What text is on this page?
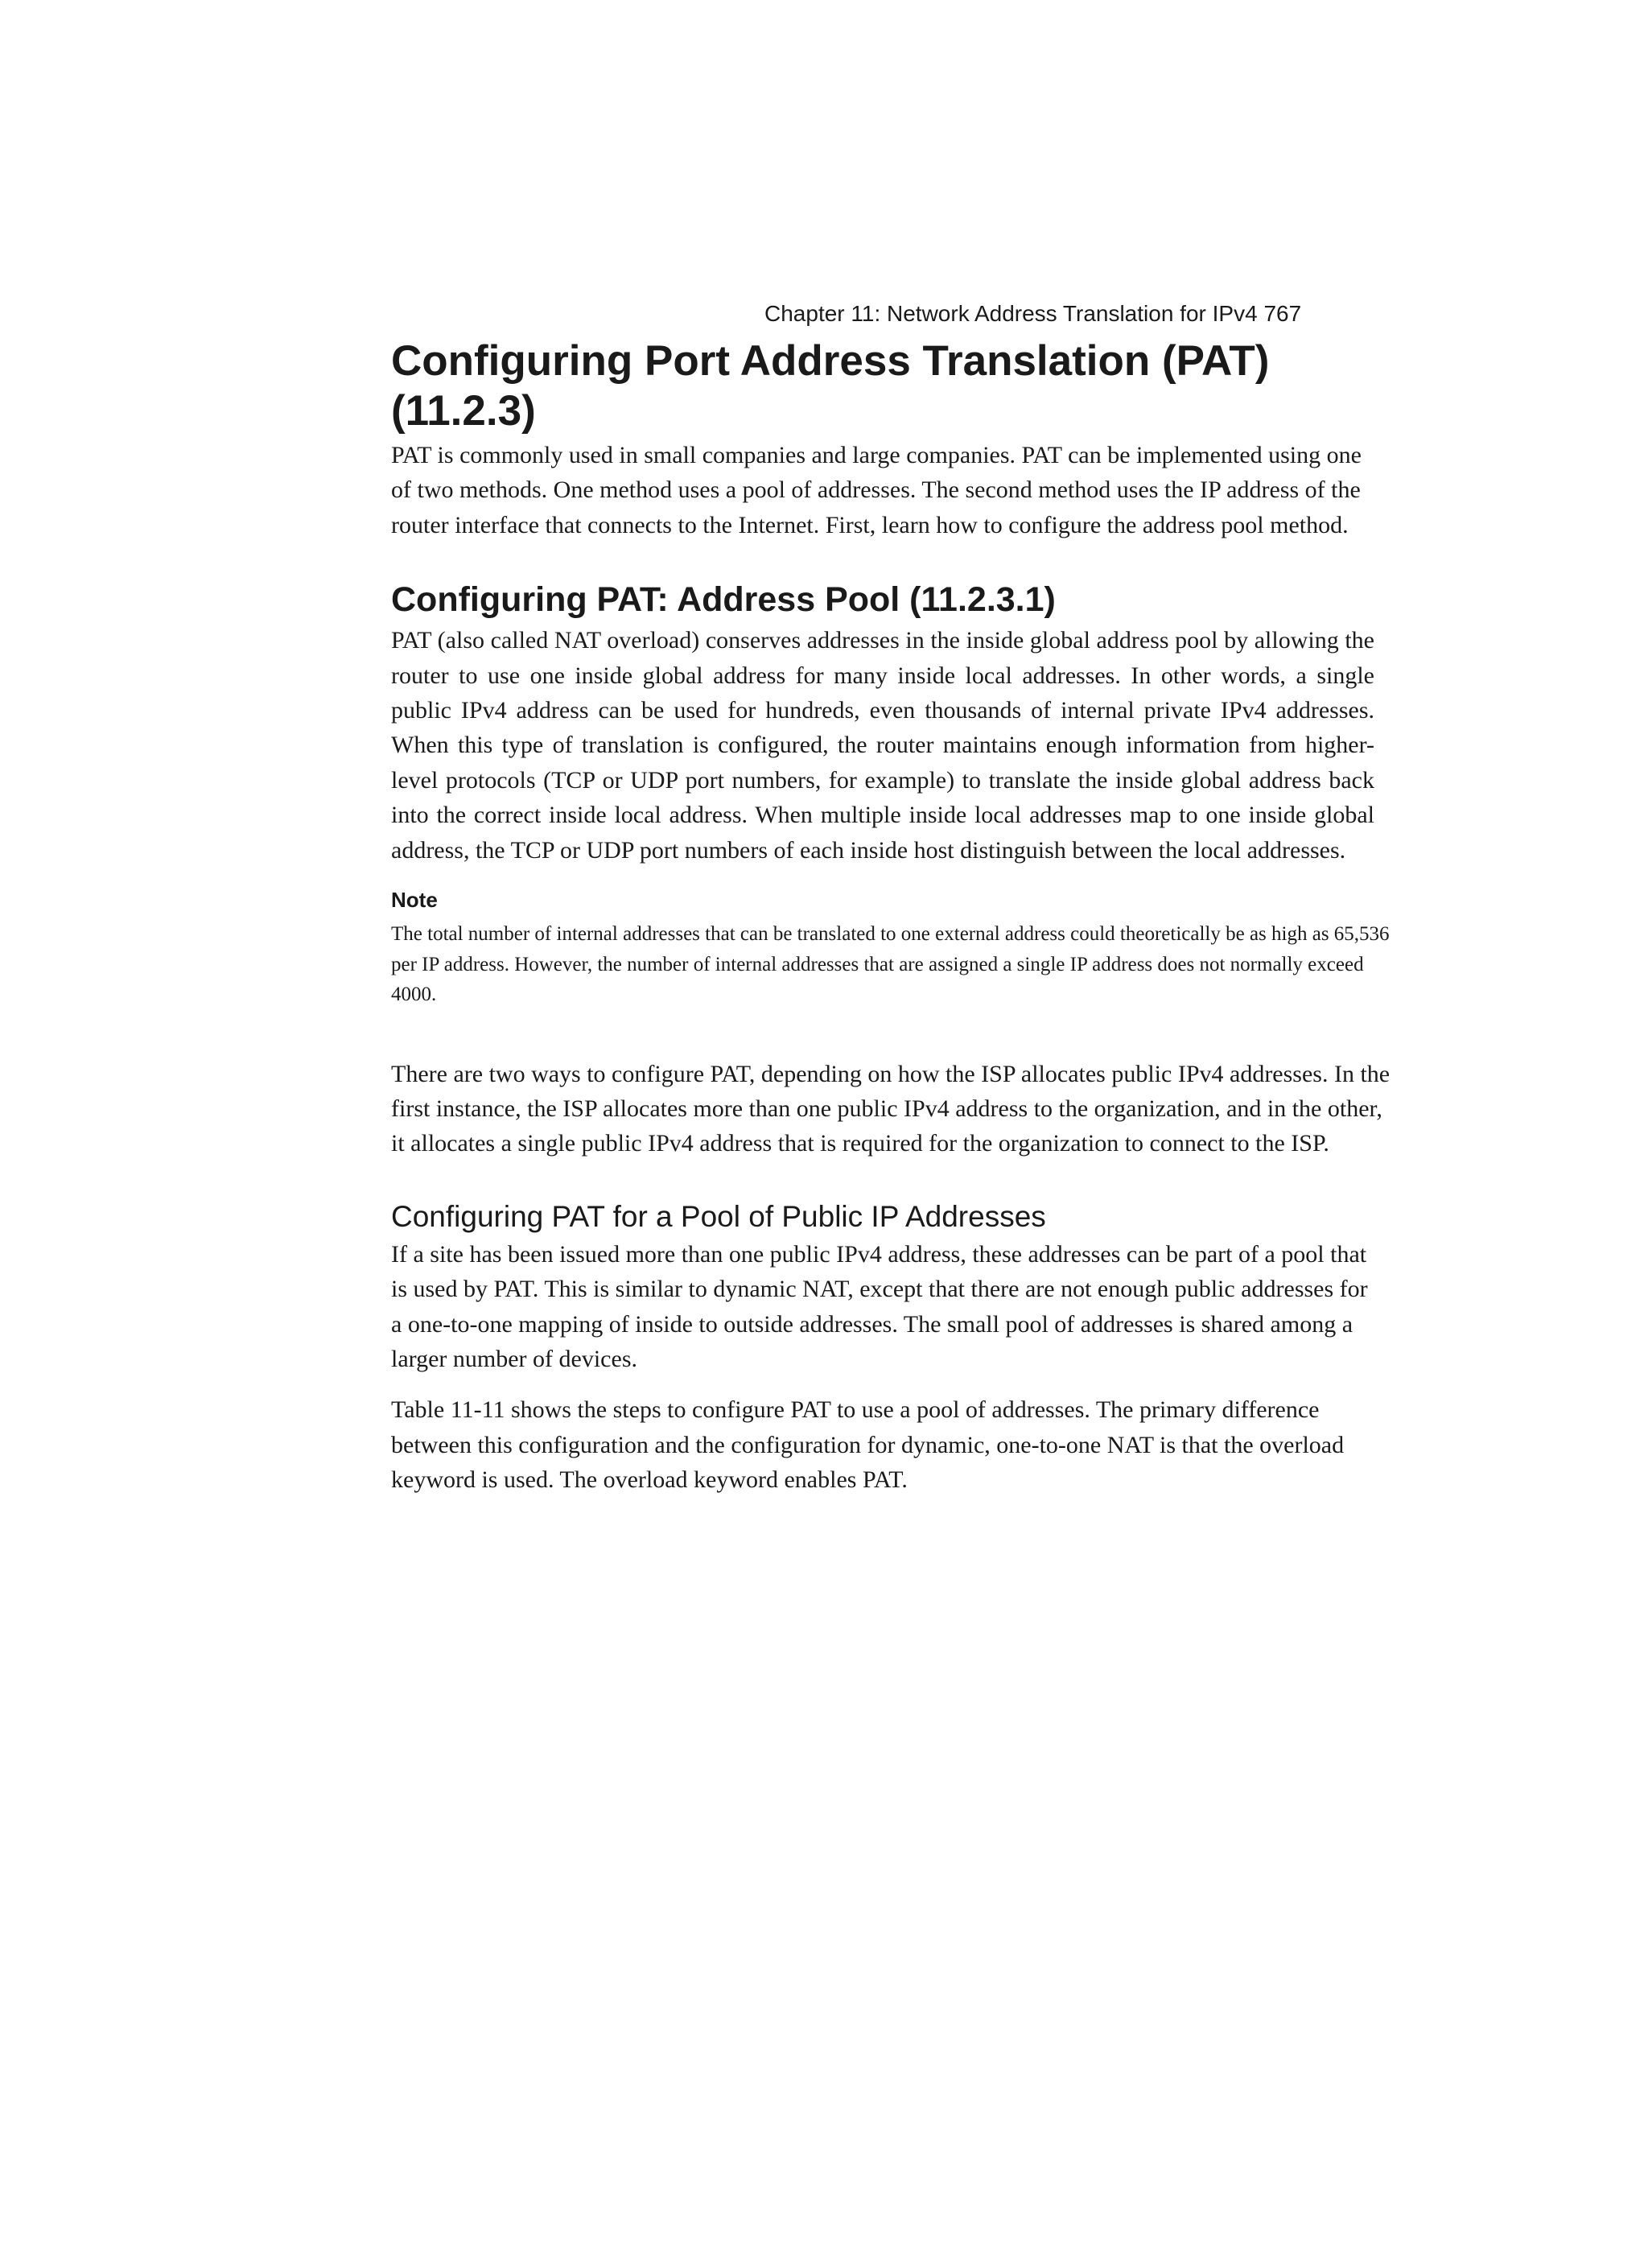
Chapter 11: Network Address Translation for IPv4 767
Configuring Port Address Translation (PAT) (11.2.3)

PAT is commonly used in small companies and large companies. PAT can be implemented using one of two methods. One method uses a pool of addresses. The second method uses the IP address of the router interface that connects to the Internet. First, learn how to configure the address pool method.

Configuring PAT: Address Pool (11.2.3.1)

PAT (also called NAT overload) conserves addresses in the inside global address pool by allowing the router to use one inside global address for many inside local addresses. In other words, a single public IPv4 address can be used for hundreds, even thousands of internal private IPv4 addresses. When this type of translation is configured, the router maintains enough information from higher-level protocols (TCP or UDP port numbers, for example) to translate the inside global address back into the correct inside local address. When multiple inside local addresses map to one inside global address, the TCP or UDP port numbers of each inside host distinguish between the local addresses.

Note

The total number of internal addresses that can be translated to one external address could theoretically be as high as 65,536 per IP address. However, the number of internal addresses that are assigned a single IP address does not normally exceed 4000.

There are two ways to configure PAT, depending on how the ISP allocates public IPv4 addresses. In the first instance, the ISP allocates more than one public IPv4 address to the organization, and in the other, it allocates a single public IPv4 address that is required for the organization to connect to the ISP.

Configuring PAT for a Pool of Public IP Addresses

If a site has been issued more than one public IPv4 address, these addresses can be part of a pool that is used by PAT. This is similar to dynamic NAT, except that there are not enough public addresses for a one-to-one mapping of inside to outside addresses. The small pool of addresses is shared among a larger number of devices.

Table 11-11 shows the steps to configure PAT to use a pool of addresses. The primary difference between this configuration and the configuration for dynamic, one-to-one NAT is that the overload keyword is used. The overload keyword enables PAT.
